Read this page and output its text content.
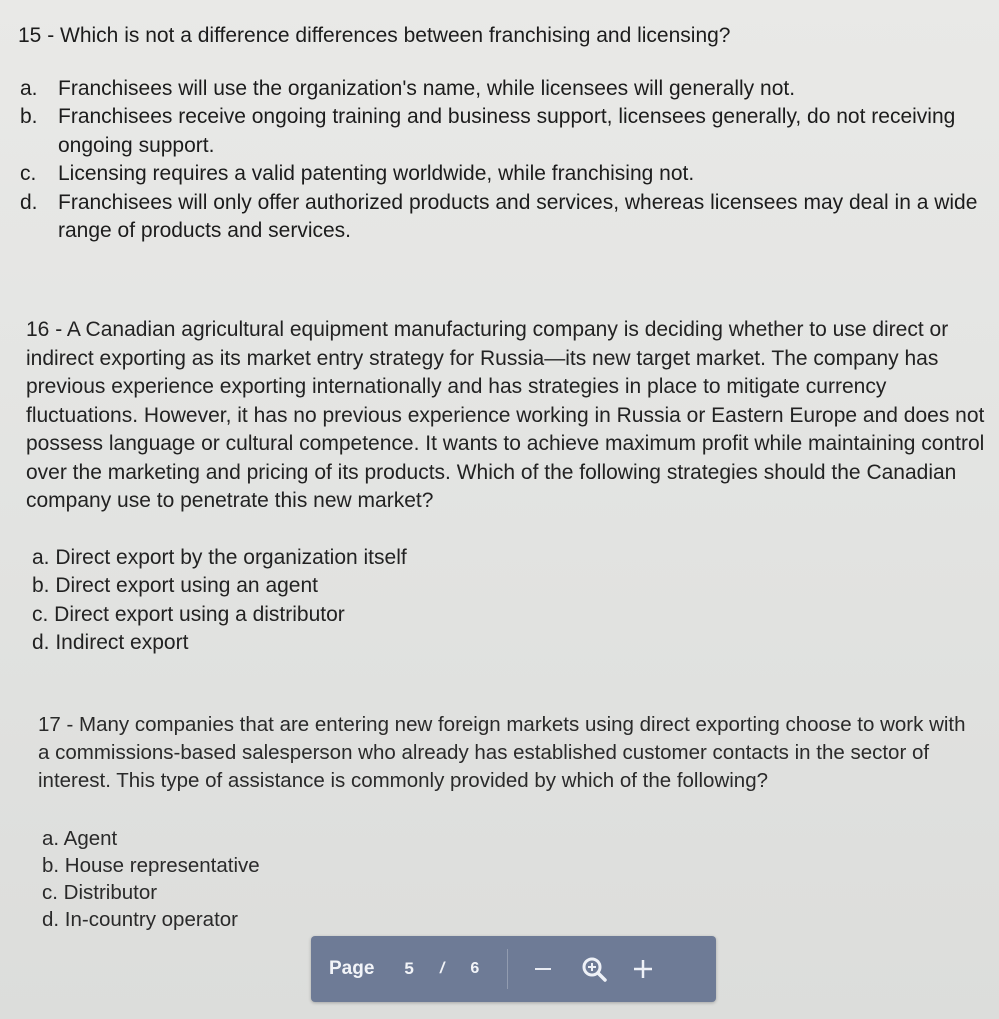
15 - Which is not a difference differences between franchising and licensing?
a. Franchisees will use the organization's name, while licensees will generally not.
b. Franchisees receive ongoing training and business support, licensees generally, do not receiving ongoing support.
c. Licensing requires a valid patenting worldwide, while franchising not.
d. Franchisees will only offer authorized products and services, whereas licensees may deal in a wide range of products and services.
16 - A Canadian agricultural equipment manufacturing company is deciding whether to use direct or indirect exporting as its market entry strategy for Russia—its new target market. The company has previous experience exporting internationally and has strategies in place to mitigate currency fluctuations. However, it has no previous experience working in Russia or Eastern Europe and does not possess language or cultural competence. It wants to achieve maximum profit while maintaining control over the marketing and pricing of its products. Which of the following strategies should the Canadian company use to penetrate this new market?
a. Direct export by the organization itself
b. Direct export using an agent
c. Direct export using a distributor
d. Indirect export
17 - Many companies that are entering new foreign markets using direct exporting choose to work with a commissions-based salesperson who already has established customer contacts in the sector of interest. This type of assistance is commonly provided by which of the following?
a. Agent
b. House representative
c. Distributor
d. In-country operator
Page 5 / 6
